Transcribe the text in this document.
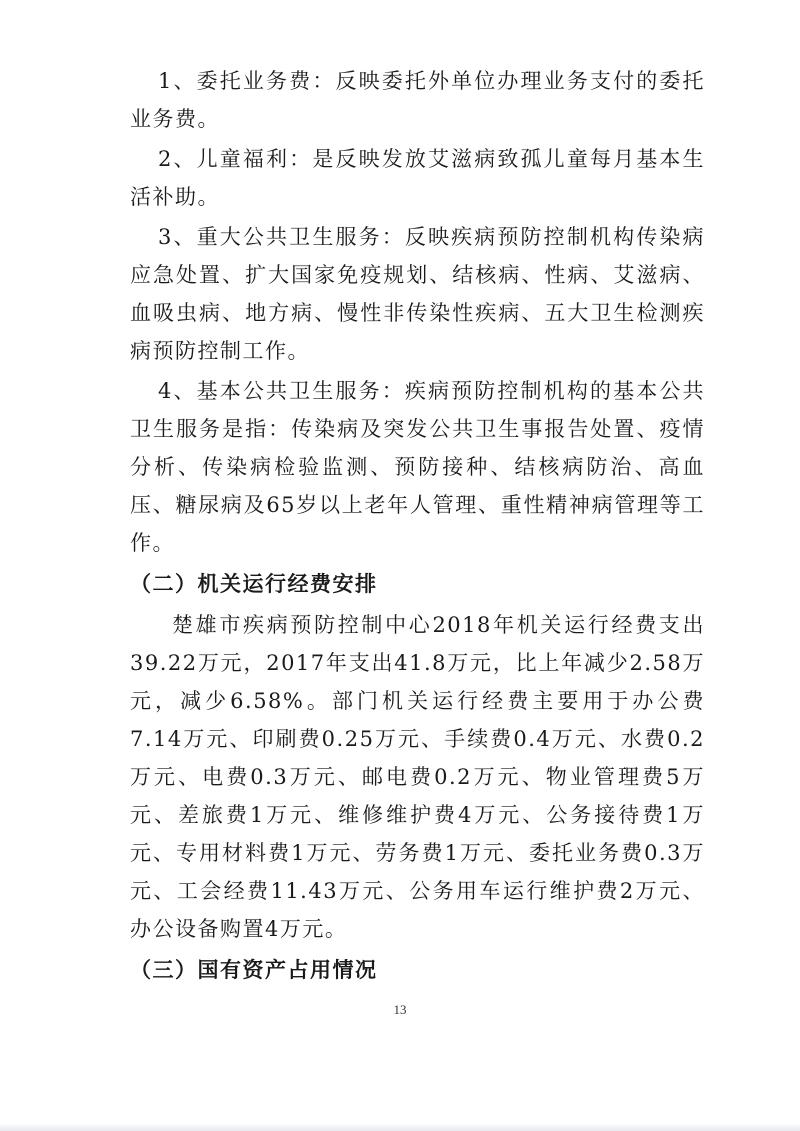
1、委托业务费：反映委托外单位办理业务支付的委托业务费。

2、儿童福利：是反映发放艾滋病致孤儿童每月基本生活补助。

3、重大公共卫生服务：反映疾病预防控制机构传染病应急处置、扩大国家免疫规划、结核病、性病、艾滋病、血吸虫病、地方病、慢性非传染性疾病、五大卫生检测疾病预防控制工作。

4、基本公共卫生服务：疾病预防控制机构的基本公共卫生服务是指：传染病及突发公共卫生事报告处置、疫情分析、传染病检验监测、预防接种、结核病防治、高血压、糖尿病及65岁以上老年人管理、重性精神病管理等工作。

（二）机关运行经费安排

楚雄市疾病预防控制中心2018年机关运行经费支出39.22万元，2017年支出41.8万元，比上年减少2.58万元，减少6.58%。部门机关运行经费主要用于办公费7.14万元、印刷费0.25万元、手续费0.4万元、水费0.2万元、电费0.3万元、邮电费0.2万元、物业管理费5万元、差旅费1万元、维修维护费4万元、公务接待费1万元、专用材料费1万元、劳务费1万元、委托业务费0.3万元、工会经费11.43万元、公务用车运行维护费2万元、办公设备购置4万元。

（三）国有资产占用情况

13
